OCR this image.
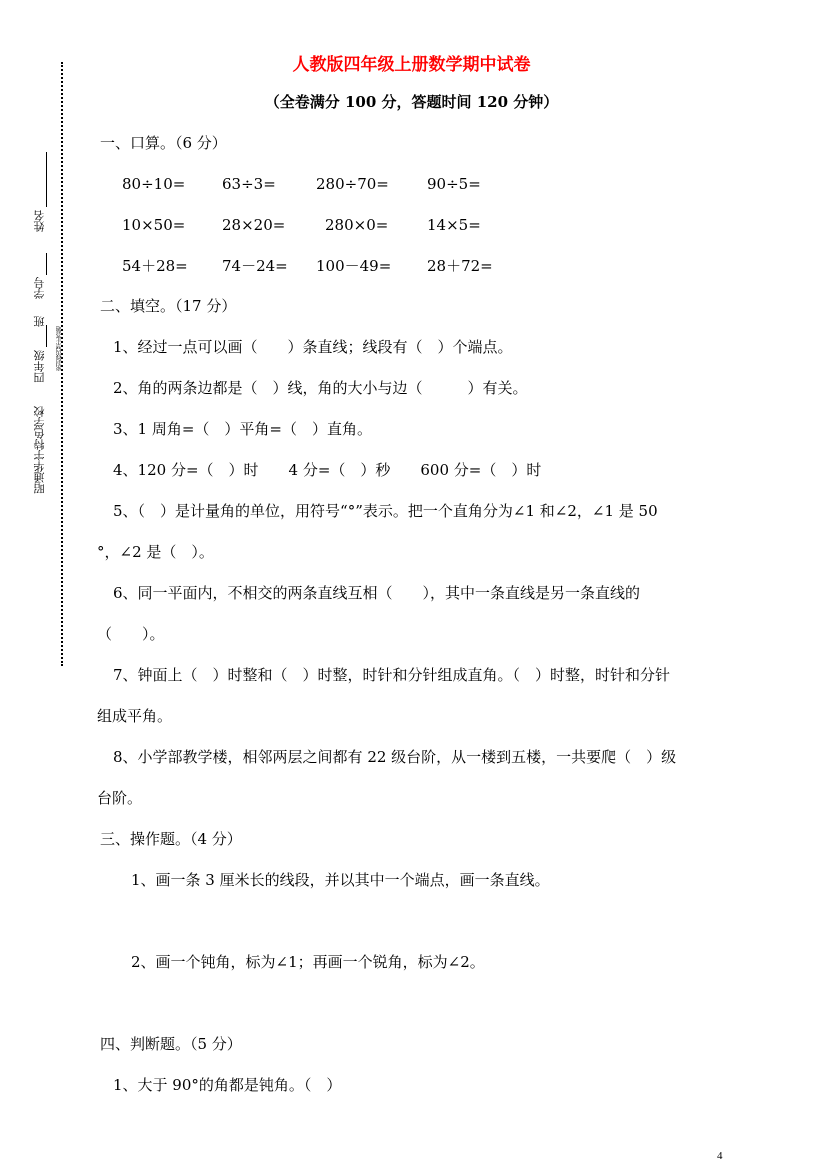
昭通华宇特色学校
四年级
班
学号
姓名
密封线内禁止答题
人教版四年级上册数学期中试卷
（全卷满分 100 分，答题时间 120 分钟）
一、口算。（6 分）
80÷10= 63÷3=	280÷70=	90÷5=
10×50= 28×20=	280×0=	14×5=
54＋28= 74－24= 100－49= 28＋72=
二、填空。（17 分）
1、经过一点可以画（　　）条直线；线段有（　）个端点。
2、角的两条边都是（　）线，角的大小与边（　　　）有关。
3、1 周角=（　）平角=（　）直角。
4、120 分=（　）时　　4 分=（　）秒　　600 分=（　）时
5、（　）是计量角的单位，用符号“°”表示。把一个直角分为∠1 和∠2，∠1 是 50
°，∠2 是（　）。
6、同一平面内，不相交的两条直线互相（　　），其中一条直线是另一条直线的
（　　）。
7、钟面上（　）时整和（　）时整，时针和分针组成直角。（　）时整，时针和分针
组成平角。
8、小学部教学楼，相邻两层之间都有 22 级台阶，从一楼到五楼，一共要爬（　）级
台阶。
三、操作题。（4 分）
1、画一条 3 厘米长的线段，并以其中一个端点，画一条直线。
2、画一个钝角，标为∠1；再画一个锐角，标为∠2。
四、判断题。（5 分）
1、大于 90°的角都是钝角。（　）
4
